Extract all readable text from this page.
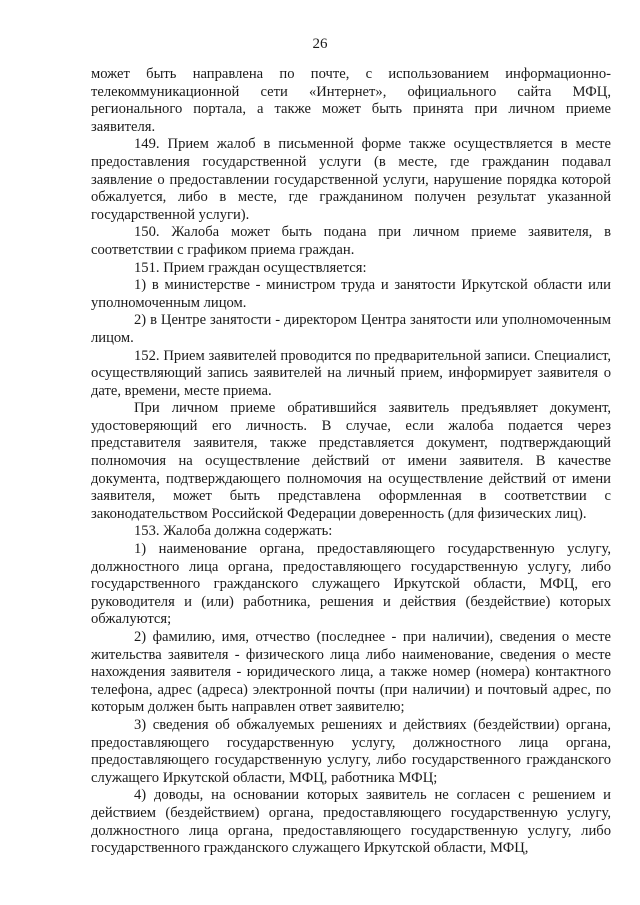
26

может быть направлена по почте, с использованием информационно-телекоммуникационной сети «Интернет», официального сайта МФЦ, регионального портала, а также может быть принята при личном приеме заявителя.

149. Прием жалоб в письменной форме также осуществляется в месте предоставления государственной услуги (в месте, где гражданин подавал заявление о предоставлении государственной услуги, нарушение порядка которой обжалуется, либо в месте, где гражданином получен результат указанной государственной услуги).

150. Жалоба может быть подана при личном приеме заявителя, в соответствии с графиком приема граждан.

151. Прием граждан осуществляется:

1) в министерстве - министром труда и занятости Иркутской области или уполномоченным лицом.

2) в Центре занятости - директором Центра занятости или уполномоченным лицом.

152. Прием заявителей проводится по предварительной записи. Специалист, осуществляющий запись заявителей на личный прием, информирует заявителя о дате, времени, месте приема.

При личном приеме обратившийся заявитель предъявляет документ, удостоверяющий его личность. В случае, если жалоба подается через представителя заявителя, также представляется документ, подтверждающий полномочия на осуществление действий от имени заявителя. В качестве документа, подтверждающего полномочия на осуществление действий от имени заявителя, может быть представлена оформленная в соответствии с законодательством Российской Федерации доверенность (для физических лиц).

153. Жалоба должна содержать:

1) наименование органа, предоставляющего государственную услугу, должностного лица органа, предоставляющего государственную услугу, либо государственного гражданского служащего Иркутской области, МФЦ, его руководителя и (или) работника, решения и действия (бездействие) которых обжалуются;

2) фамилию, имя, отчество (последнее - при наличии), сведения о месте жительства заявителя - физического лица либо наименование, сведения о месте нахождения заявителя - юридического лица, а также номер (номера) контактного телефона, адрес (адреса) электронной почты (при наличии) и почтовый адрес, по которым должен быть направлен ответ заявителю;

3) сведения об обжалуемых решениях и действиях (бездействии) органа, предоставляющего государственную услугу, должностного лица органа, предоставляющего государственную услугу, либо государственного гражданского служащего Иркутской области, МФЦ, работника МФЦ;

4) доводы, на основании которых заявитель не согласен с решением и действием (бездействием) органа, предоставляющего государственную услугу, должностного лица органа, предоставляющего государственную услугу, либо государственного гражданского служащего Иркутской области, МФЦ,
